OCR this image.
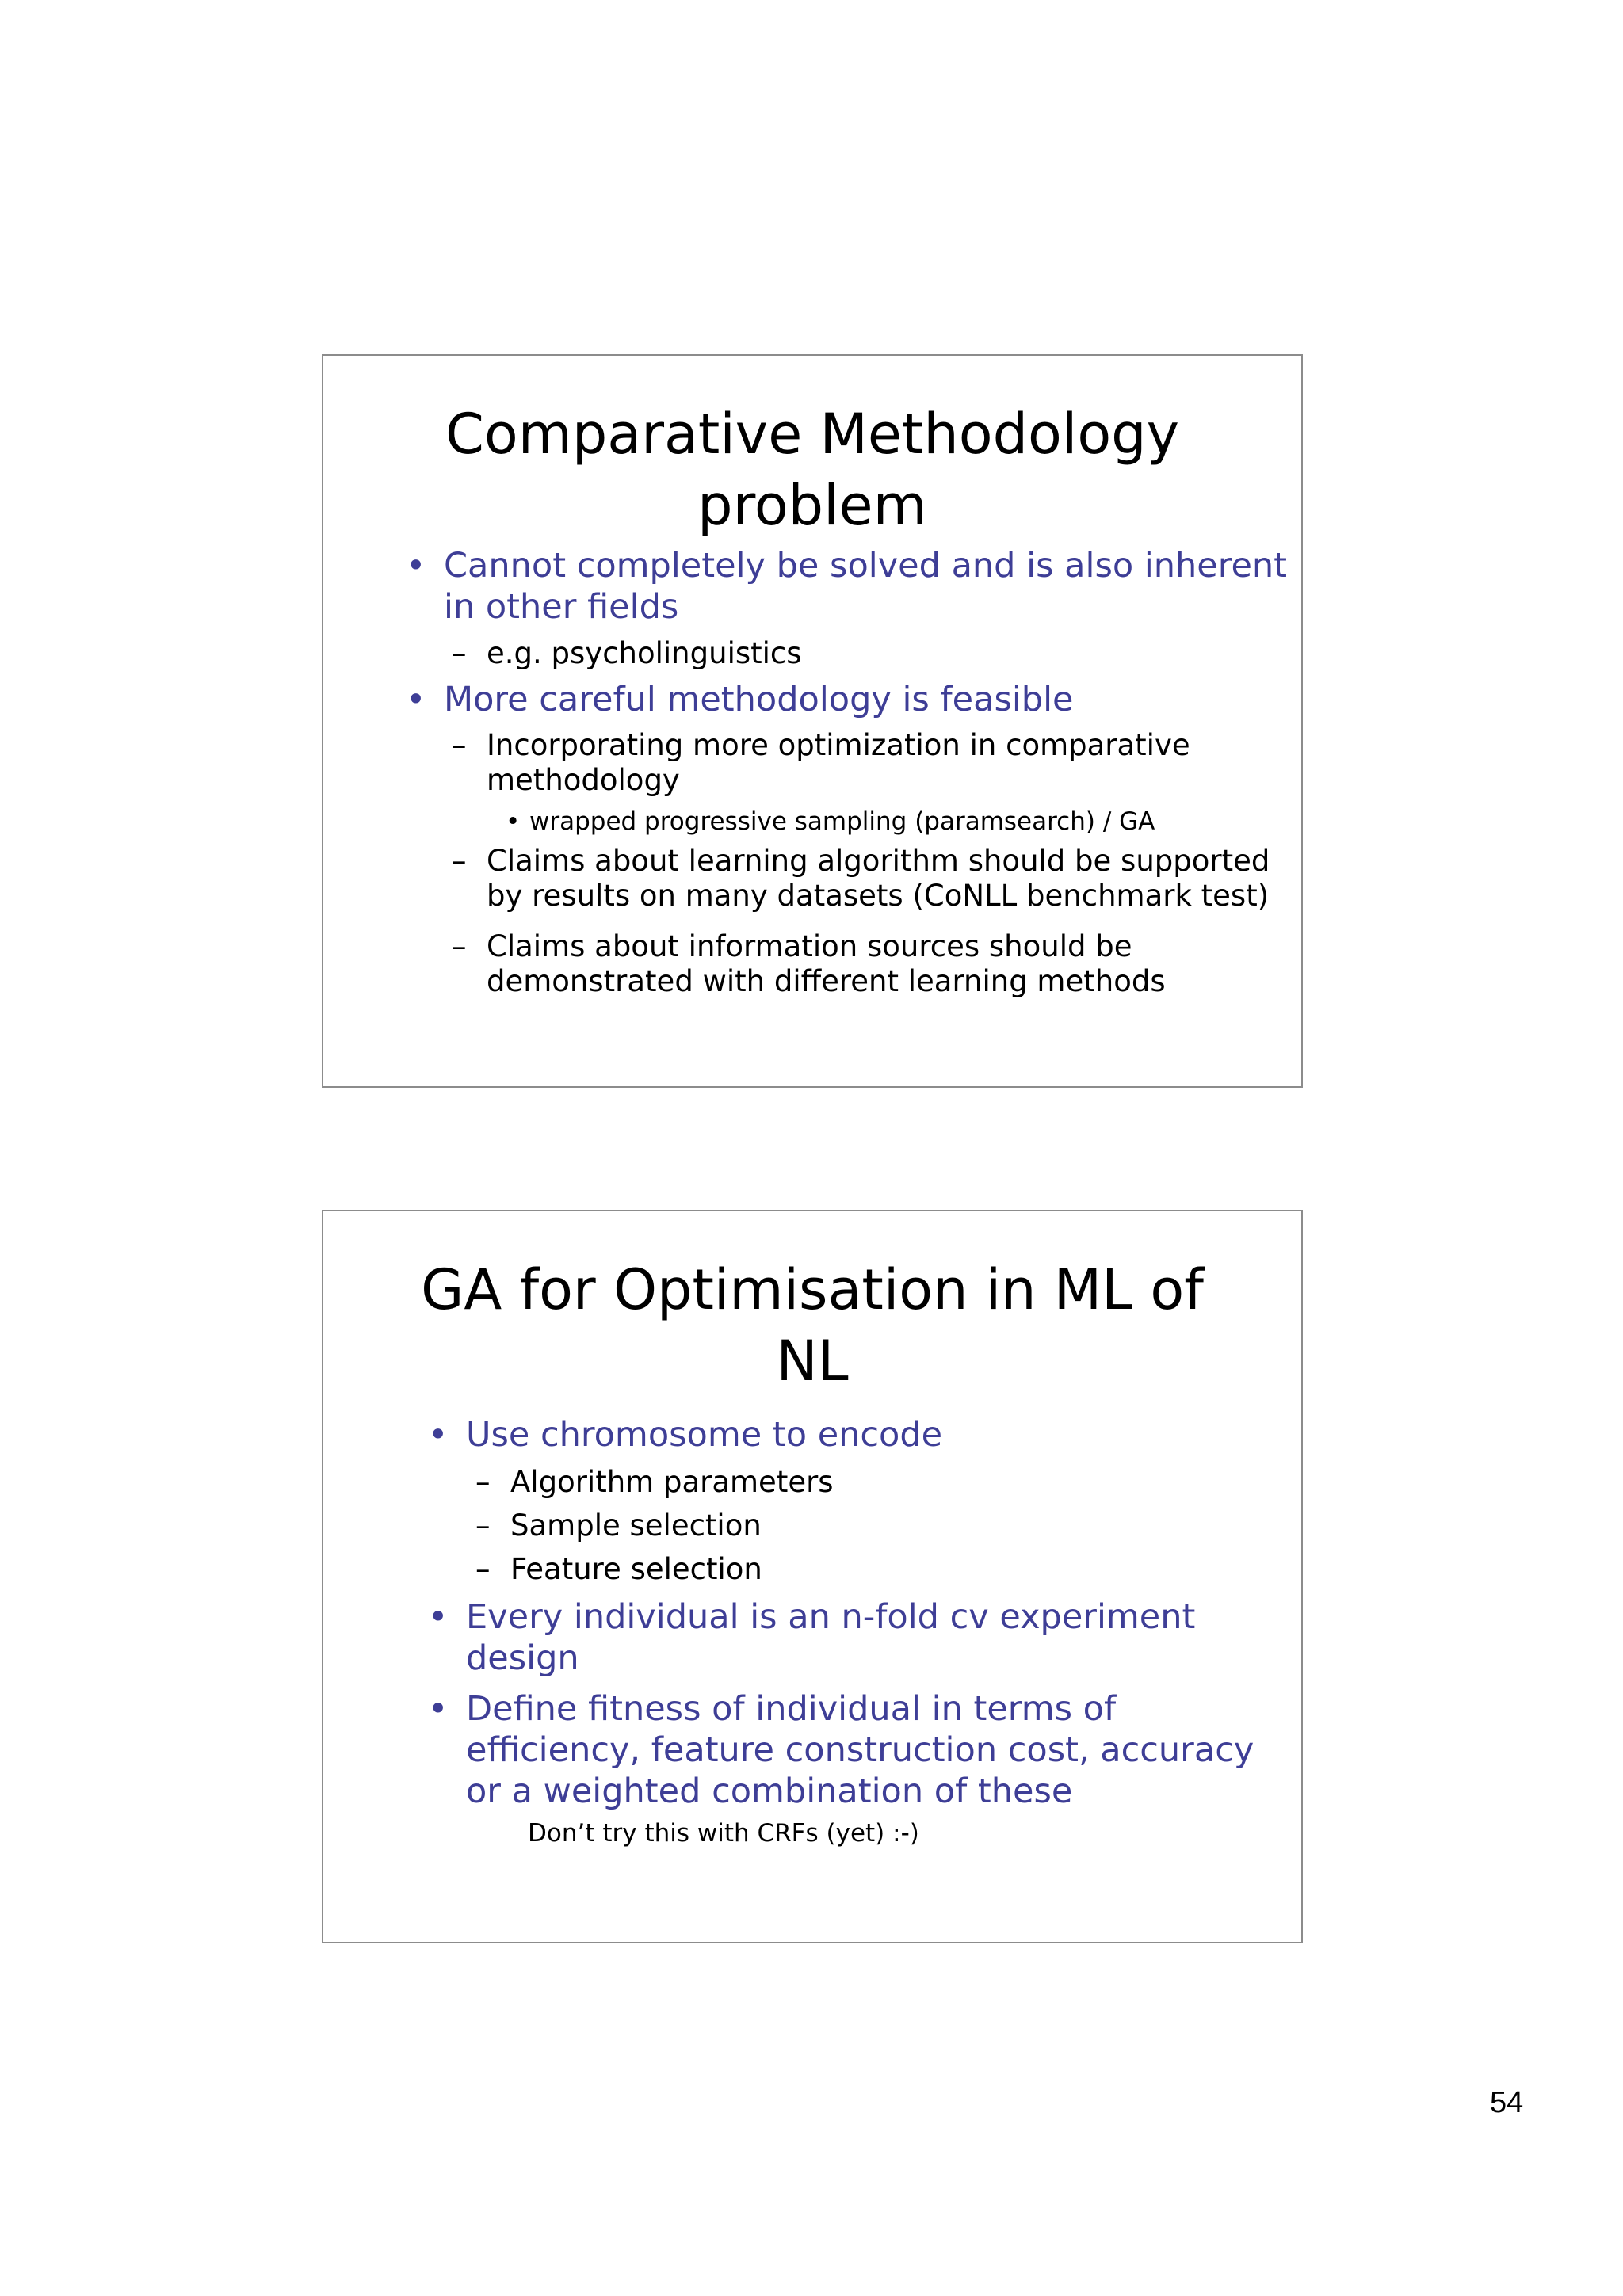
Comparative Methodology
problem
• Cannot completely be solved and is also inherent
in other fields
– e.g. psycholinguistics
• More careful methodology is feasible
– Incorporating more optimization in comparative
methodology
• wrapped progressive sampling (paramsearch) / GA
– Claims about learning algorithm should be supported
by results on many datasets (CoNLL benchmark test)
– Claims about information sources should be
demonstrated with different learning methods
GA for Optimisation in ML of
NL
• Use chromosome to encode
– Algorithm parameters
– Sample selection
– Feature selection
• Every individual is an n-fold cv experiment
design
• Define fitness of individual in terms of
efficiency, feature construction cost, accuracy
or a weighted combination of these
Don’t try this with CRFs (yet) :-)
54
